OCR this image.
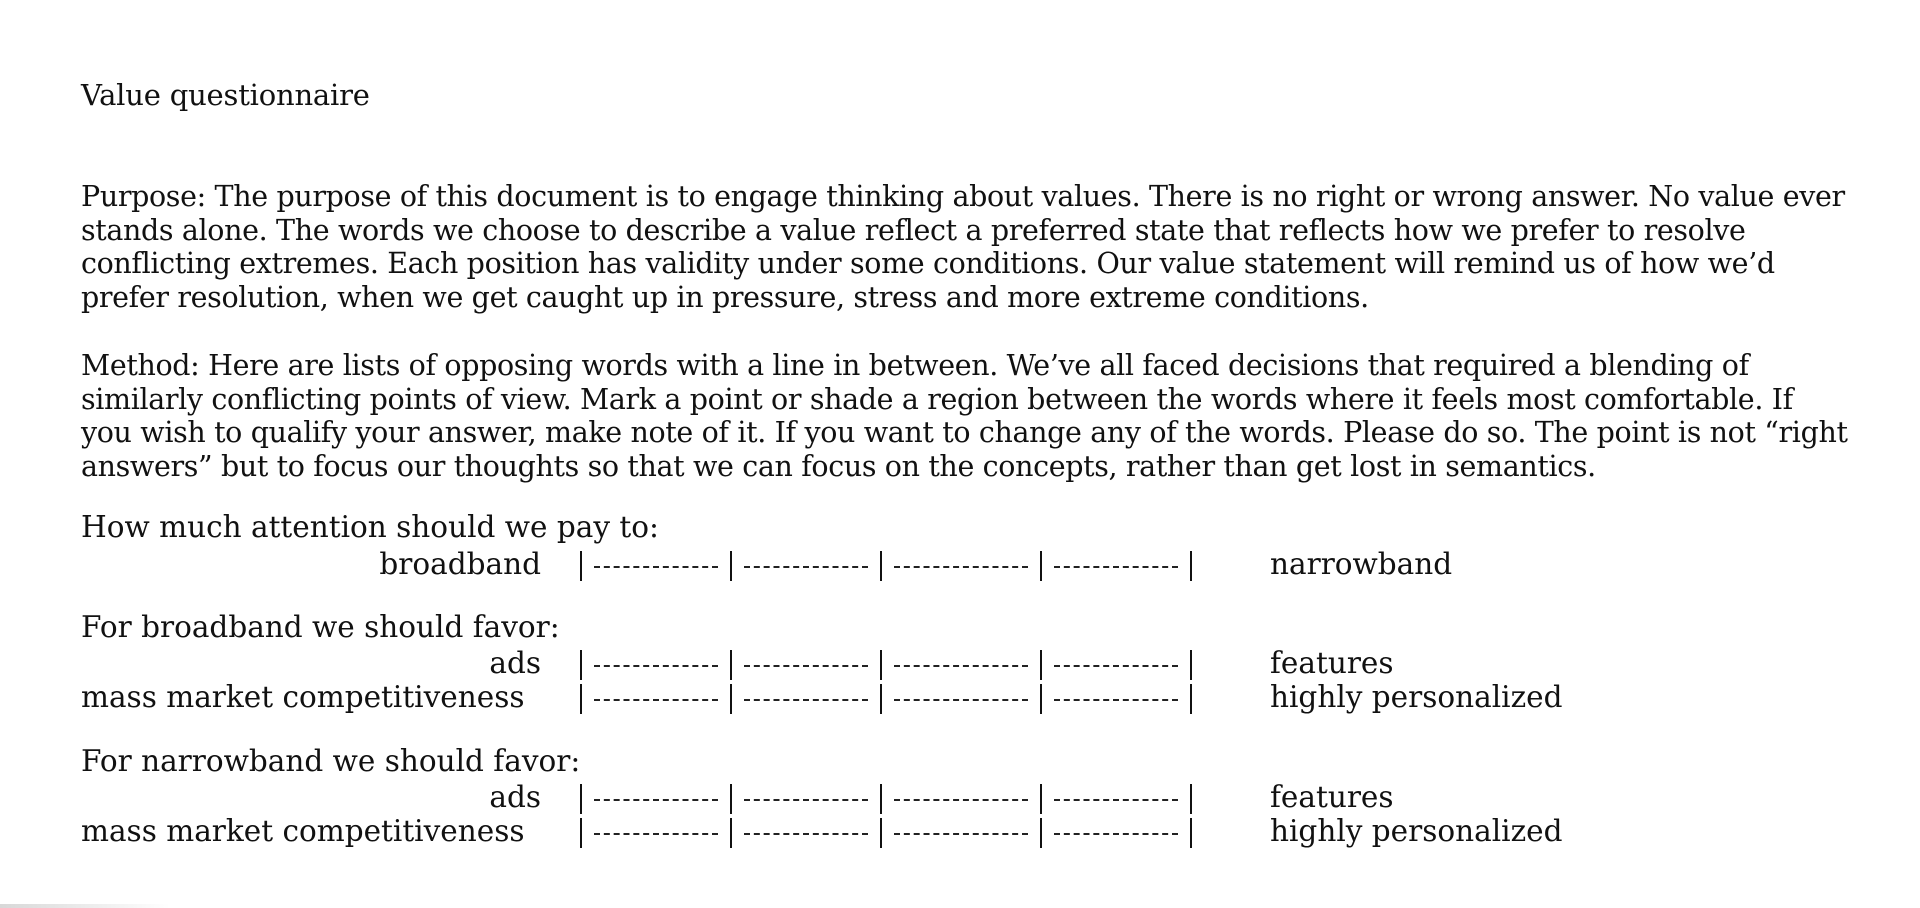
Value questionnaire
Purpose: The purpose of this document is to engage thinking about values. There is no right or wrong answer. No value ever
stands alone. The words we choose to describe a value reflect a preferred state that reflects how we prefer to resolve
conflicting extremes. Each position has validity under some conditions. Our value statement will remind us of how we’d
prefer resolution, when we get caught up in pressure, stress and more extreme conditions.
Method: Here are lists of opposing words with a line in between. We’ve all faced decisions that required a blending of
similarly conflicting points of view. Mark a point or shade a region between the words where it feels most comfortable. If
you wish to qualify your answer, make note of it. If you want to change any of the words. Please do so. The point is not “right
answers” but to focus our thoughts so that we can focus on the concepts, rather than get lost in semantics.
How much attention should we pay to:
broadband	narrowband
For broadband we should favor:
ads	features
mass market competitiveness	highly personalized
For narrowband we should favor:
ads	features
mass market competitiveness	highly personalized
